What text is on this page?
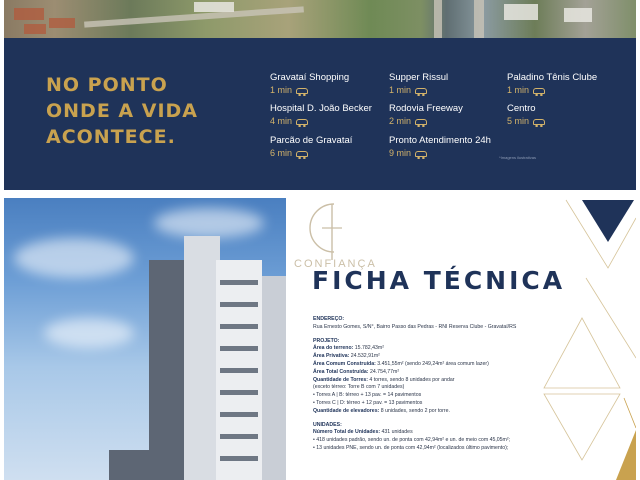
NO PONTO
ONDE A VIDA
ACONTECE.
Gravataí Shopping
1 min
Supper Rissul
1 min
Paladino Tênis Clube
1 min
Hospital D. João Becker
4 min
Rodovia Freeway
2 min
Centro
5 min
Parcão de Gravataí
6 min
Pronto Atendimento 24h
9 min	*Imagens ilustrativas
CONFIANÇA
FICHA TÉCNICA
ENDEREÇO:
Rua Ernesto Gomes, S/N°, Bairro Passo das Pedras - RNI Reserva Clube - Gravataí/RS
PROJETO:
Área do terreno: 15.782,43m²
Área Privativa: 24.532,91m²
Área Comum Construída: 3.451,55m² (sendo 249,24m² área comum lazer)
Área Total Construída: 24.754,77m²
Quantidade de Torres: 4 torres, sendo 8 unidades por andar
(exceto térreo: Torre B com 7 unidades)
• Torres A | B: térreo + 13 pav. = 14 pavimentos
• Torres C | D: térreo + 12 pav. = 13 pavimentos
Quantidade de elevadores: 8 unidades, sendo 2 por torre.
UNIDADES:
Número Total de Unidades: 431 unidades
• 418 unidades padrão, sendo un. de ponta com 42,94m² e un. de meio com 45,05m²;
• 13 unidades PNE, sendo un. de ponta com 42,94m² (localizados último pavimento);
